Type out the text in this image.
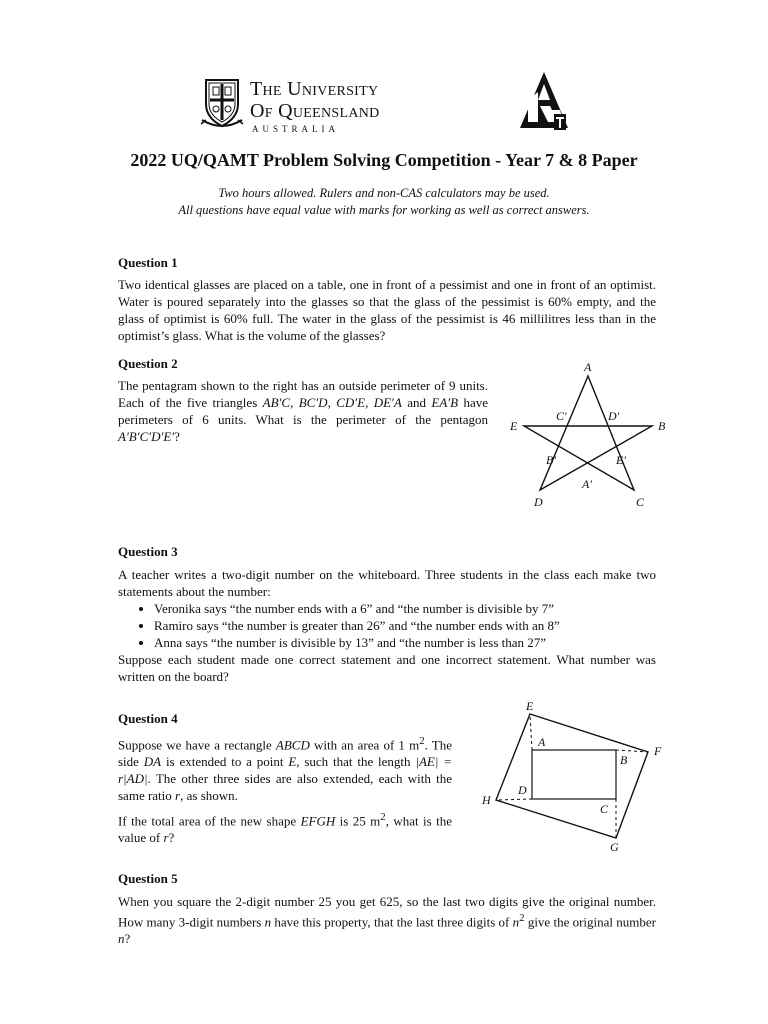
The University
Of Queensland
AUSTRALIA
2022 UQ/QAMT Problem Solving Competition - Year 7 & 8 Paper
Two hours allowed. Rulers and non-CAS calculators may be used.
All questions have equal value with marks for working as well as correct answers.
Question 1

Two identical glasses are placed on a table, one in front of a pessimist and one in front of an optimist. Water is poured separately into the glasses so that the glass of the pessimist is 60% empty, and the glass of optimist is 60% full. The water in the glass of the pessimist is 46 millilitres less than in the optimist’s glass. What is the volume of the glasses?

Question 2

The pentagram shown to the right has an outside perimeter of 9 units. Each of the five triangles AB′C, BC′D, CD′E, DE′A and EA′B have perimeters of 6 units. What is the perimeter of the pentagon A′B′C′D′E′?

A
B
C
D
E
A′
B′
C′	D′
E′
Question 3

A teacher writes a two-digit number on the whiteboard. Three students in the class each make two statements about the number:

• Veronika says “the number ends with a 6” and “the number is divisible by 7”
• Ramiro says “the number is greater than 26” and “the number ends with an 8”
• Anna says “the number is divisible by 13” and “the number is less than 27”

Suppose each student made one correct statement and one incorrect statement. What number was written on the board?

Question 4

Suppose we have a rectangle ABCD with an area of 1 $m^2$. The side DA is extended to a point E, such that the length |AE| = r|AD|. The other three sides are also extended, each with the same ratio r, as shown.

If the total area of the new shape EFGH is 25 $m^2$, what is the value of r?

E
F
G
H
A
B
C
D
Question 5

When you square the 2-digit number 25 you get 625, so the last two digits give the original number. How many 3-digit numbers n have this property, that the last three digits of $n^2$ give the original number n?
